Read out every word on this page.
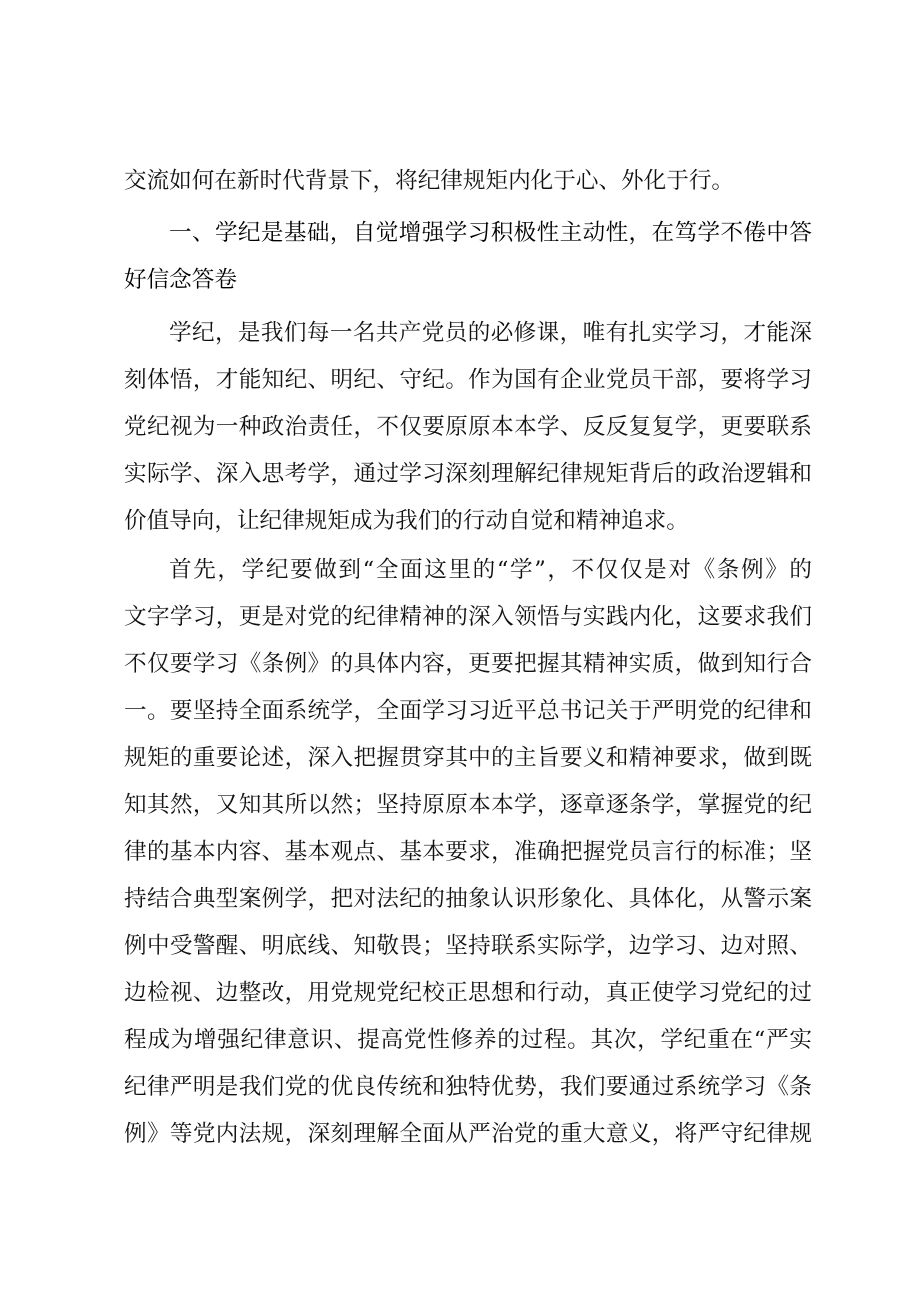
交流如何在新时代背景下，将纪律规矩内化于心、外化于行。
一、学纪是基础，自觉增强学习积极性主动性，在笃学不倦中答
好信念答卷
学纪，是我们每一名共产党员的必修课，唯有扎实学习，才能深
刻体悟，才能知纪、明纪、守纪。作为国有企业党员干部，要将学习
党纪视为一种政治责任，不仅要原原本本学、反反复复学，更要联系
实际学、深入思考学，通过学习深刻理解纪律规矩背后的政治逻辑和
价值导向，让纪律规矩成为我们的行动自觉和精神追求。
首先，学纪要做到“全面这里的“学”，不仅仅是对《条例》的
文字学习，更是对党的纪律精神的深入领悟与实践内化，这要求我们
不仅要学习《条例》的具体内容，更要把握其精神实质，做到知行合
一。要坚持全面系统学，全面学习习近平总书记关于严明党的纪律和
规矩的重要论述，深入把握贯穿其中的主旨要义和精神要求，做到既
知其然，又知其所以然；坚持原原本本学，逐章逐条学，掌握党的纪
律的基本内容、基本观点、基本要求，准确把握党员言行的标准；坚
持结合典型案例学，把对法纪的抽象认识形象化、具体化，从警示案
例中受警醒、明底线、知敬畏；坚持联系实际学，边学习、边对照、
边检视、边整改，用党规党纪校正思想和行动，真正使学习党纪的过
程成为增强纪律意识、提高党性修养的过程。其次，学纪重在“严实
纪律严明是我们党的优良传统和独特优势，我们要通过系统学习《条
例》等党内法规，深刻理解全面从严治党的重大意义，将严守纪律规
